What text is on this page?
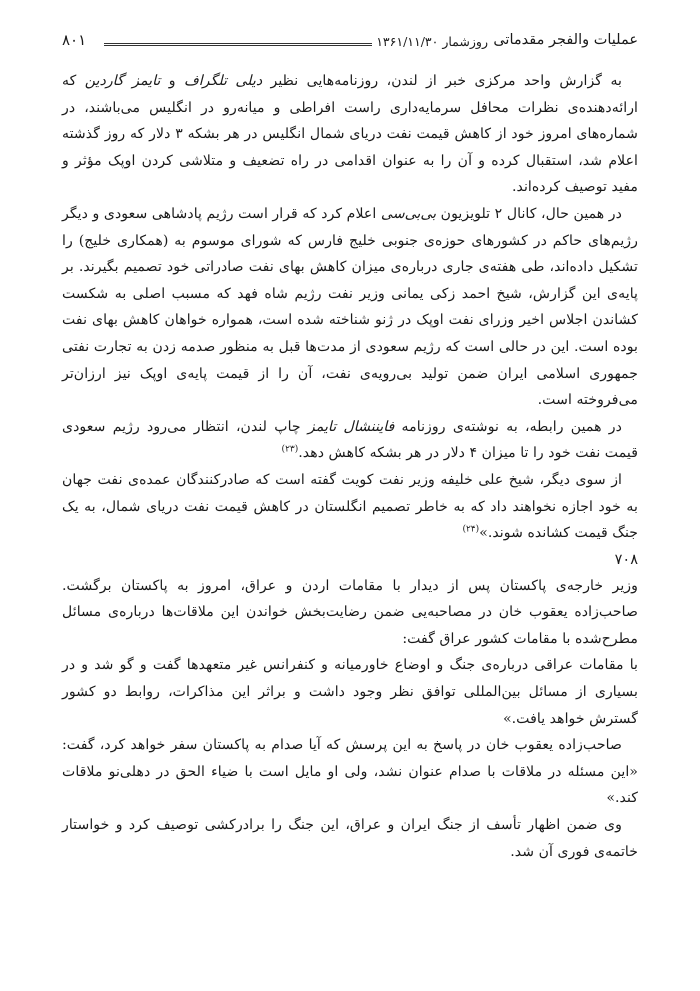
عملیات والفجر مقدماتی
روزشمار ۱۳۶۱/۱۱/۳۰
۸۰۱

به گزارش واحد مرکزی خبر از لندن، روزنامه‌هایی نظیر دیلی تلگراف و تایمز گاردین که ارائه‌دهنده‌ی نظرات محافل سرمایه‌داری راست افراطی و میانه‌رو در انگلیس می‌باشند، در شماره‌های امروز خود از کاهش قیمت نفت دریای شمال انگلیس در هر بشکه ۳ دلار که روز گذشته اعلام شد، استقبال کرده و آن را به عنوان اقدامی در راه تضعیف و متلاشی کردن اوپک مؤثر و مفید توصیف کرده‌اند.

در همین حال، کانال ۲ تلویزیون بی‌بی‌سی اعلام کرد که قرار است رژیم پادشاهی سعودی و دیگر رژیم‌های حاکم در کشورهای حوزه‌ی جنوبی خلیج فارس که شورای موسوم به (همکاری خلیج) را تشکیل داده‌اند، طی هفته‌ی جاری درباره‌ی میزان کاهش بهای نفت صادراتی خود تصمیم بگیرند. بر پایه‌ی این گزارش، شیخ احمد زکی یمانی وزیر نفت رژیم شاه فهد که مسبب اصلی به شکست کشاندن اجلاس اخیر وزرای نفت اوپک در ژنو شناخته شده است، همواره خواهان کاهش بهای نفت بوده است. این در حالی است که رژیم سعودی از مدت‌ها قبل به منظور صدمه زدن به تجارت نفتی جمهوری اسلامی ایران ضمن تولید بی‌رویه‌ی نفت، آن را از قیمت پایه‌ی اوپک نیز ارزان‌تر می‌فروخته است.

در همین رابطه، به نوشته‌ی روزنامه فایننشال تایمز چاپ لندن، انتظار می‌رود رژیم سعودی قیمت نفت خود را تا میزان ۴ دلار در هر بشکه کاهش دهد.$^{(۲۳)}$

از سوی دیگر، شیخ علی خلیفه وزیر نفت کویت گفته است که صادرکنندگان عمده‌ی نفت جهان به خود اجازه نخواهند داد که به خاطر تصمیم انگلستان در کاهش قیمت نفت دریای شمال، به یک جنگ قیمت کشانده شوند.»$^{(۲۴)}$

۷۰۸

وزیر خارجه‌ی پاکستان پس از دیدار با مقامات اردن و عراق، امروز به پاکستان برگشت. صاحب‌زاده یعقوب خان در مصاحبه‌یی ضمن رضایت‌بخش خواندن این ملاقات‌ها درباره‌ی مسائل مطرح‌شده با مقامات کشور عراق گفت:

با مقامات عراقی درباره‌ی جنگ و اوضاع خاورمیانه و کنفرانس غیر متعهدها گفت و گو شد و در بسیاری از مسائل بین‌المللی توافق نظر وجود داشت و براثر این مذاکرات، روابط دو کشور گسترش خواهد یافت.»

صاحب‌زاده یعقوب خان در پاسخ به این پرسش که آیا صدام به پاکستان سفر خواهد کرد، گفت: «این مسئله در ملاقات با صدام عنوان نشد، ولی او مایل است با ضیاء الحق در دهلی‌نو ملاقات کند.»

وی ضمن اظهار تأسف از جنگ ایران و عراق، این جنگ را برادرکشی توصیف کرد و خواستار خاتمه‌ی فوری آن شد.
